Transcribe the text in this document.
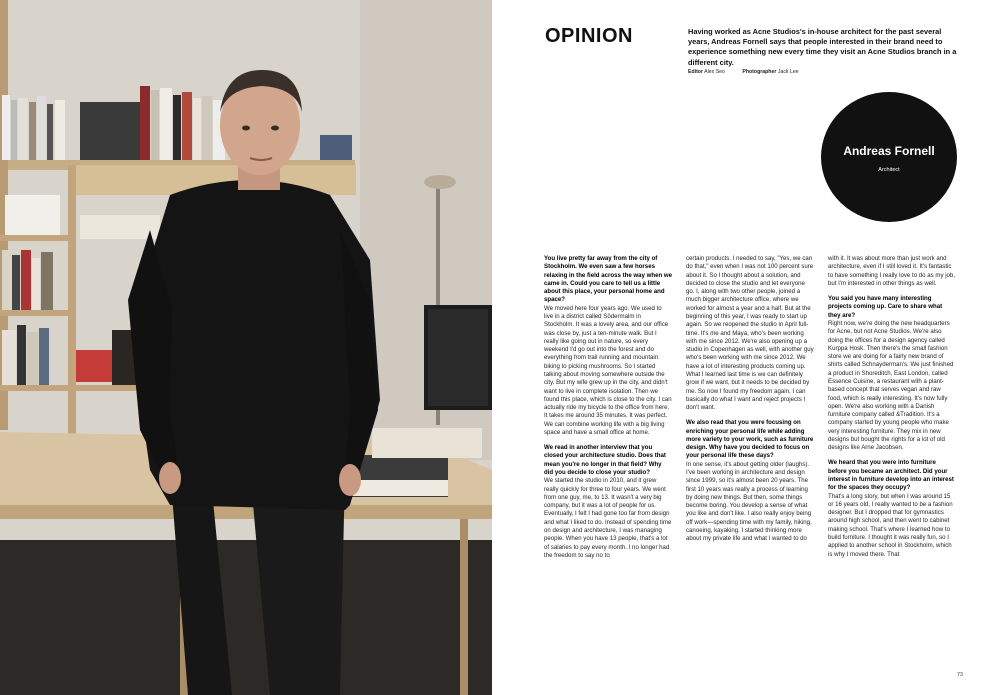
OPINION	Having worked as Acne Studios's in-house architect for the past several years, Andreas Fornell says that people interested in their brand need to experience something new every time they visit an Acne Studios branch in a different city.
Editor Alex Seo	Photographer Jack Lee
Andreas Fornell
Architect

You live pretty far away from the city of Stockholm. We even saw a few horses relaxing in the field across the way when we came in. Could you care to tell us a little about this place, your personal home and space?

We moved here four years ago. We used to live in a district called Södermalm in Stockholm. It was a lovely area, and our office was close by, just a ten-minute walk. But I really like going out in nature, so every weekend I'd go out into the forest and do everything from trail running and mountain biking to picking mushrooms. So I started talking about moving somewhere outside the city. But my wife grew up in the city, and didn't want to live in complete isolation. Then we found this place, which is close to the city. I can actually ride my bicycle to the office from here. It takes me around 35 minutes. It was perfect. We can combine working life with a big living space and have a small office at home.

We read in another interview that you closed your architecture studio. Does that mean you're no longer in that field? Why did you decide to close your studio?

We started the studio in 2010, and it grew really quickly for three to four years. We went from one guy, me, to 13. It wasn't a very big company, but it was a lot of people for us. Eventually, I felt I had gone too far from design and what I liked to do. Instead of spending time on design and architecture, I was managing people. When you have 13 people, that's a lot of salaries to pay every month. I no longer had the freedom to say no to

certain products. I needed to say, "Yes, we can do that," even when I was not 100 percent sure about it. So I thought about a solution, and decided to close the studio and let everyone go. I, along with two other people, joined a much bigger architecture office, where we worked for almost a year and a half. But at the beginning of this year, I was ready to start up again. So we reopened the studio in April full-time. It's me and Maya, who's been working with me since 2012. We're also opening up a studio in Copenhagen as well, with another guy who's been working with me since 2012. We have a lot of interesting products coming up. What I learned last time is we can definitely grow if we want, but it needs to be decided by me. So now I found my freedom again. I can basically do what I want and reject projects I don't want.

We also read that you were focusing on enriching your personal life while adding more variety to your work, such as furniture design. Why have you decided to focus on your personal life these days?

In one sense, it's about getting older (laughs). I've been working in architecture and design since 1999, so it's almost been 20 years. The first 10 years was really a process of learning by doing new things. But then, some things become boring. You develop a sense of what you like and don't like. I also really enjoy being off work—spending time with my family, hiking, canoeing, kayaking. I started thinking more about my private life and what I wanted to do

with it. It was about more than just work and architecture, even if I still loved it. It's fantastic to have something I really love to do as my job, but I'm interested in other things as well.

You said you have many interesting projects coming up. Care to share what they are?

Right now, we're doing the new headquarters for Acne, but not Acne Studios. We're also doing the offices for a design agency called Kurppa Hosk. Then there's the small fashion store we are doing for a fairly new brand of shirts called Schnayderman's. We just finished a product in Shoreditch, East London, called Essence Cuisine, a restaurant with a plant-based concept that serves vegan and raw food, which is really interesting. It's now fully open. We're also working with a Danish furniture company called &Tradition. It's a company started by young people who make very interesting furniture. They mix in new designs but bought the rights for a lot of old designs like Arne Jacobsen.

We heard that you were into furniture before you became an architect. Did your interest in furniture develop into an interest for the spaces they occupy?

That's a long story, but when I was around 15 or 16 years old, I really wanted to be a fashion designer. But I dropped that for gymnastics around high school, and then went to cabinet making school. That's where I learned how to build furniture. I thought it was really fun, so I applied to another school in Stockholm, which is why I moved there. That

73
